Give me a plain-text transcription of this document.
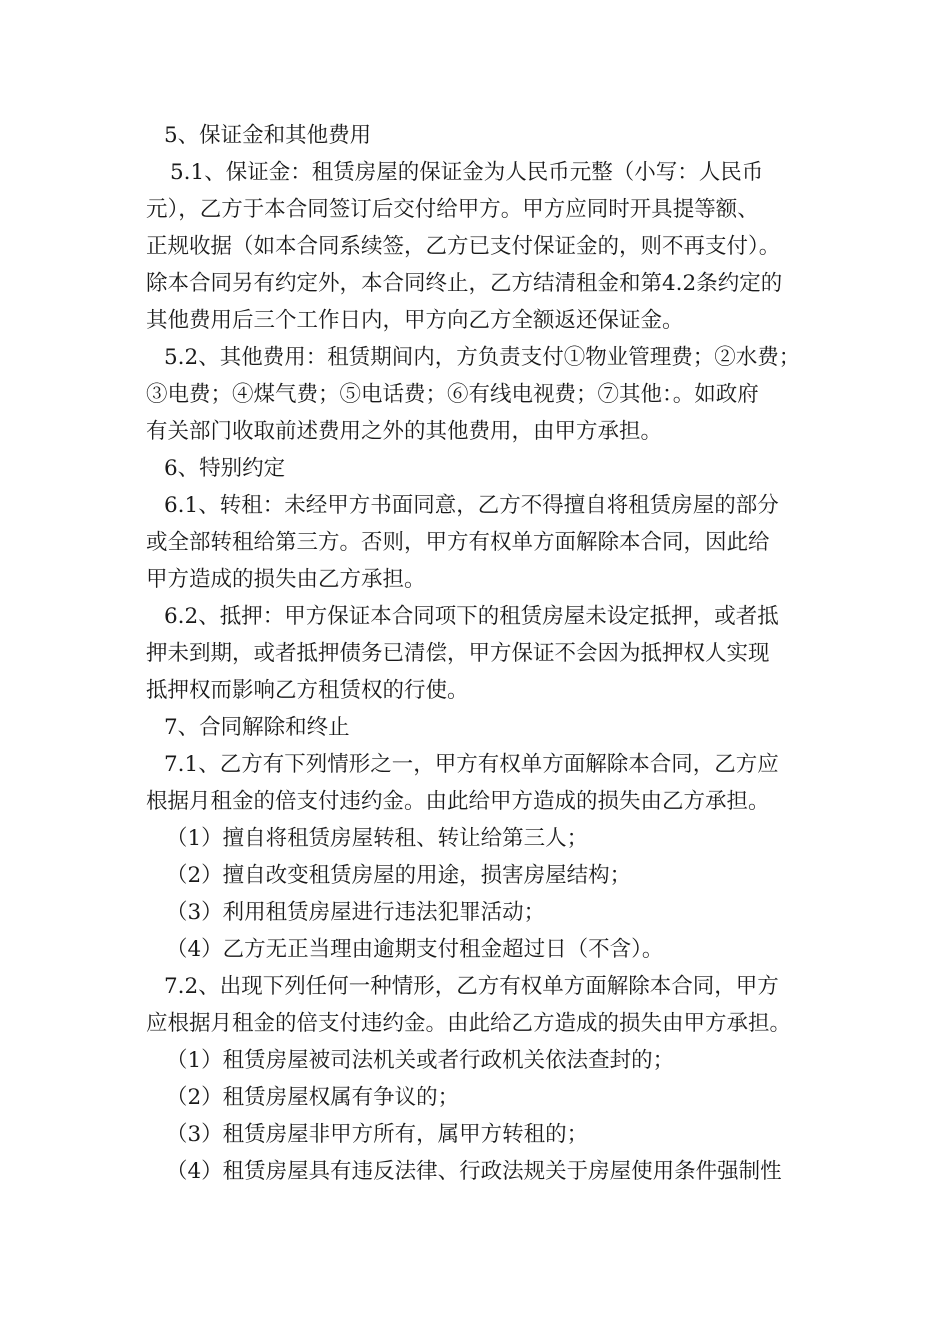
5、保证金和其他费用
5.1、保证金：租赁房屋的保证金为人民币元整（小写：人民币
元），乙方于本合同签订后交付给甲方。甲方应同时开具提等额、
正规收据（如本合同系续签，乙方已支付保证金的，则不再支付）。
除本合同另有约定外，本合同终止，乙方结清租金和第4.2条约定的
其他费用后三个工作日内，甲方向乙方全额返还保证金。
5.2、其他费用：租赁期间内，方负责支付①物业管理费；②水费；
③电费；④煤气费；⑤电话费；⑥有线电视费；⑦其他：。如政府
有关部门收取前述费用之外的其他费用，由甲方承担。
6、特别约定
6.1、转租：未经甲方书面同意，乙方不得擅自将租赁房屋的部分
或全部转租给第三方。否则，甲方有权单方面解除本合同，因此给
甲方造成的损失由乙方承担。
6.2、抵押：甲方保证本合同项下的租赁房屋未设定抵押，或者抵
押未到期，或者抵押债务已清偿，甲方保证不会因为抵押权人实现
抵押权而影响乙方租赁权的行使。
7、合同解除和终止
7.1、乙方有下列情形之一，甲方有权单方面解除本合同，乙方应
根据月租金的倍支付违约金。由此给甲方造成的损失由乙方承担。
（1）擅自将租赁房屋转租、转让给第三人；
（2）擅自改变租赁房屋的用途，损害房屋结构；
（3）利用租赁房屋进行违法犯罪活动；
（4）乙方无正当理由逾期支付租金超过日（不含）。
7.2、出现下列任何一种情形，乙方有权单方面解除本合同，甲方
应根据月租金的倍支付违约金。由此给乙方造成的损失由甲方承担。
（1）租赁房屋被司法机关或者行政机关依法查封的；
（2）租赁房屋权属有争议的；
（3）租赁房屋非甲方所有，属甲方转租的；
（4）租赁房屋具有违反法律、行政法规关于房屋使用条件强制性
